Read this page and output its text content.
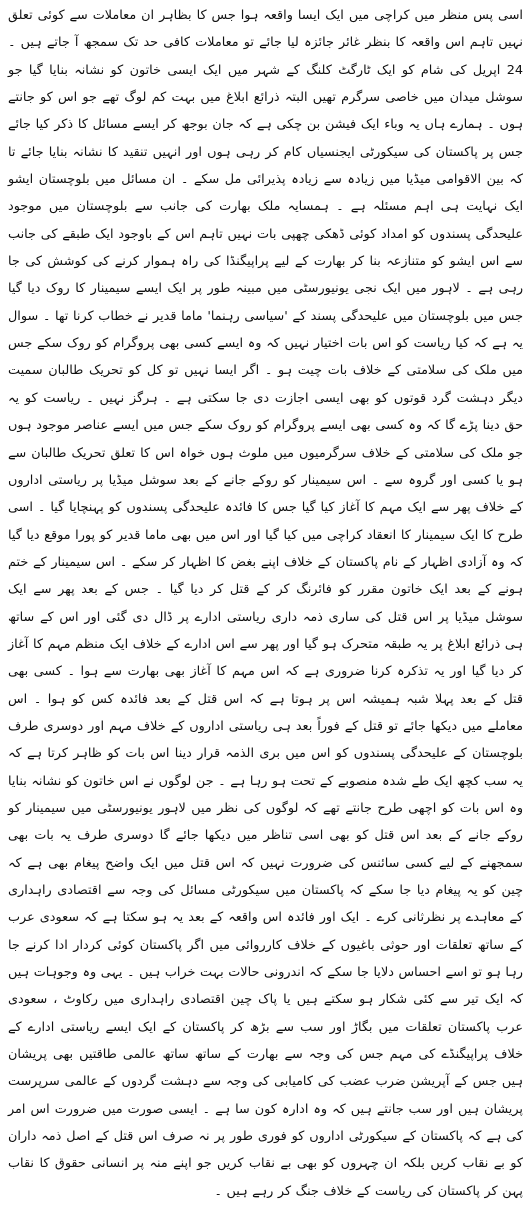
اسی پس منظر میں کراچی میں ایک ایسا واقعہ ہوا جس کا بظاہر ان معاملات سے کوئی تعلق نہیں تاہم اس واقعہ کا بنظر غائر جائزہ لیا جائے تو معاملات کافی حد تک سمجھ آ جاتے ہیں ۔ 24 اپریل کی شام کو ایک ٹارگٹ کلنگ کے شہر میں ایک ایسی خاتون کو نشانہ بنایا گیا جو سوشل میدان میں خاصی سرگرم تھیں البتہ ذرائع ابلاغ میں بہت کم لوگ تھے جو اس کو جانتے ہوں ۔ ہمارے ہاں یہ وباء ایک فیشن بن چکی ہے کہ جان بوجھ کر ایسے مسائل کا ذکر کیا جائے جس پر پاکستان کی سیکورٹی ایجنسیاں کام کر رہی ہوں اور انہیں تنقید کا نشانہ بنایا جائے تا کہ بین الاقوامی میڈیا میں زیادہ سے زیادہ پذیرائی مل سکے ۔ ان مسائل میں بلوچستان ایشو ایک نہایت ہی اہم مسئلہ ہے ۔ ہمسایہ ملک بھارت کی جانب سے بلوچستان میں موجود علیحدگی پسندوں کو امداد کوئی ڈھکی چھپی بات نہیں تاہم اس کے باوجود ایک طبقے کی جانب سے اس ایشو کو متنازعہ بنا کر بھارت کے لیے پراپیگنڈا کی راہ ہموار کرنے کی کوشش کی جا رہی ہے ۔ لاہور میں ایک نجی یونیورسٹی میں مبینہ طور پر ایک ایسے سیمینار کا روک دیا گیا جس میں بلوچستان میں علیحدگی پسند کے 'سیاسی رہنما' ماما قدیر نے خطاب کرنا تھا ۔ سوال یہ ہے کہ کیا ریاست کو اس بات اختیار نہیں کہ وہ ایسے کسی بھی پروگرام کو روک سکے جس میں ملک کی سلامتی کے خلاف بات چیت ہو ۔ اگر ایسا نہیں تو کل کو تحریک طالبان سمیت دیگر دہشت گرد قوتوں کو بھی ایسی اجازت دی جا سکتی ہے ۔ ہرگز نہیں ۔ ریاست کو یہ حق دینا پڑے گا کہ وہ کسی بھی ایسے پروگرام کو روک سکے جس میں ایسے عناصر موجود ہوں جو ملک کی سلامتی کے خلاف سرگرمیوں میں ملوث ہوں خواہ اس کا تعلق تحریک طالبان سے ہو یا کسی اور گروہ سے ۔ اس سیمینار کو روکے جانے کے بعد سوشل میڈیا پر ریاستی اداروں کے خلاف پھر سے ایک مہم کا آغاز کیا گیا جس کا فائدہ علیحدگی پسندوں کو پہنچایا گیا ۔ اسی طرح کا ایک سیمینار کا انعقاد کراچی میں کیا گیا اور اس میں بھی ماما قدیر کو پورا موقع دیا گیا کہ وہ آزادی اظہار کے نام پاکستان کے خلاف اپنے بغض کا اظہار کر سکے ۔ اس سیمینار کے ختم ہونے کے بعد ایک خاتون مقرر کو فائرنگ کر کے قتل کر دیا گیا ۔ جس کے بعد پھر سے ایک سوشل میڈیا پر اس قتل کی ساری ذمہ داری ریاستی ادارے پر ڈال دی گئی اور اس کے ساتھ ہی ذرائع ابلاغ پر یہ طبقہ متحرک ہو گیا اور پھر سے اس ادارے کے خلاف ایک منظم مہم کا آغاز کر دیا گیا اور یہ تذکرہ کرنا ضروری ہے کہ اس مہم کا آغاز بھی بھارت سے ہوا ۔ کسی بھی قتل کے بعد پہلا شبہ ہمیشہ اس پر ہوتا ہے کہ اس قتل کے بعد فائدہ کس کو ہوا ۔ اس معاملے میں دیکھا جائے تو قتل کے فوراً بعد ہی ریاستی اداروں کے خلاف مہم اور دوسری طرف بلوچستان کے علیحدگی پسندوں کو اس میں بری الذمہ قرار دینا اس بات کو ظاہر کرتا ہے کہ یہ سب کچھ ایک طے شدہ منصوبے کے تحت ہو رہا ہے ۔ جن لوگوں نے اس خاتون کو نشانہ بنایا وہ اس بات کو اچھی طرح جانتے تھے کہ لوگوں کی نظر میں لاہور یونیورسٹی میں سیمینار کو روکے جانے کے بعد اس قتل کو بھی اسی تناظر میں دیکھا جائے گا دوسری طرف یہ بات بھی سمجھنے کے لیے کسی سائنس کی ضرورت نہیں کہ اس قتل میں ایک واضح پیغام بھی ہے کہ چین کو یہ پیغام دیا جا سکے کہ پاکستان میں سیکورٹی مسائل کی وجہ سے اقتصادی راہداری کے معاہدے پر نظرثانی کرے ۔ ایک اور فائدہ اس واقعہ کے بعد یہ ہو سکتا ہے کہ سعودی عرب کے ساتھ تعلقات اور حوثی باغیوں کے خلاف کارروائی میں اگر پاکستان کوئی کردار ادا کرنے جا رہا ہو تو اسے احساس دلایا جا سکے کہ اندرونی حالات بہت خراب ہیں ۔ یہی وہ وجوہات ہیں کہ ایک تیر سے کئی شکار ہو سکتے ہیں یا پاک چین اقتصادی راہداری میں رکاوٹ ، سعودی عرب پاکستان تعلقات میں بگاڑ اور سب سے بڑھ کر پاکستان کے ایک ایسے ریاستی ادارے کے خلاف پراپیگنڈے کی مہم جس کی وجہ سے بھارت کے ساتھ ساتھ عالمی طاقتیں بھی پریشان ہیں جس کے آپریشن ضرب عضب کی کامیابی کی وجہ سے دہشت گردوں کے عالمی سرپرست پریشان ہیں اور سب جانتے ہیں کہ وہ ادارہ کون سا ہے ۔ ایسی صورت میں ضرورت اس امر کی ہے کہ پاکستان کے سیکورٹی اداروں کو فوری طور پر نہ صرف اس قتل کے اصل ذمہ داران کو بے نقاب کریں بلکہ ان چہروں کو بھی بے نقاب کریں جو اپنے منہ پر انسانی حقوق کا نقاب پہن کر پاکستان کی ریاست کے خلاف جنگ کر رہے ہیں ۔
